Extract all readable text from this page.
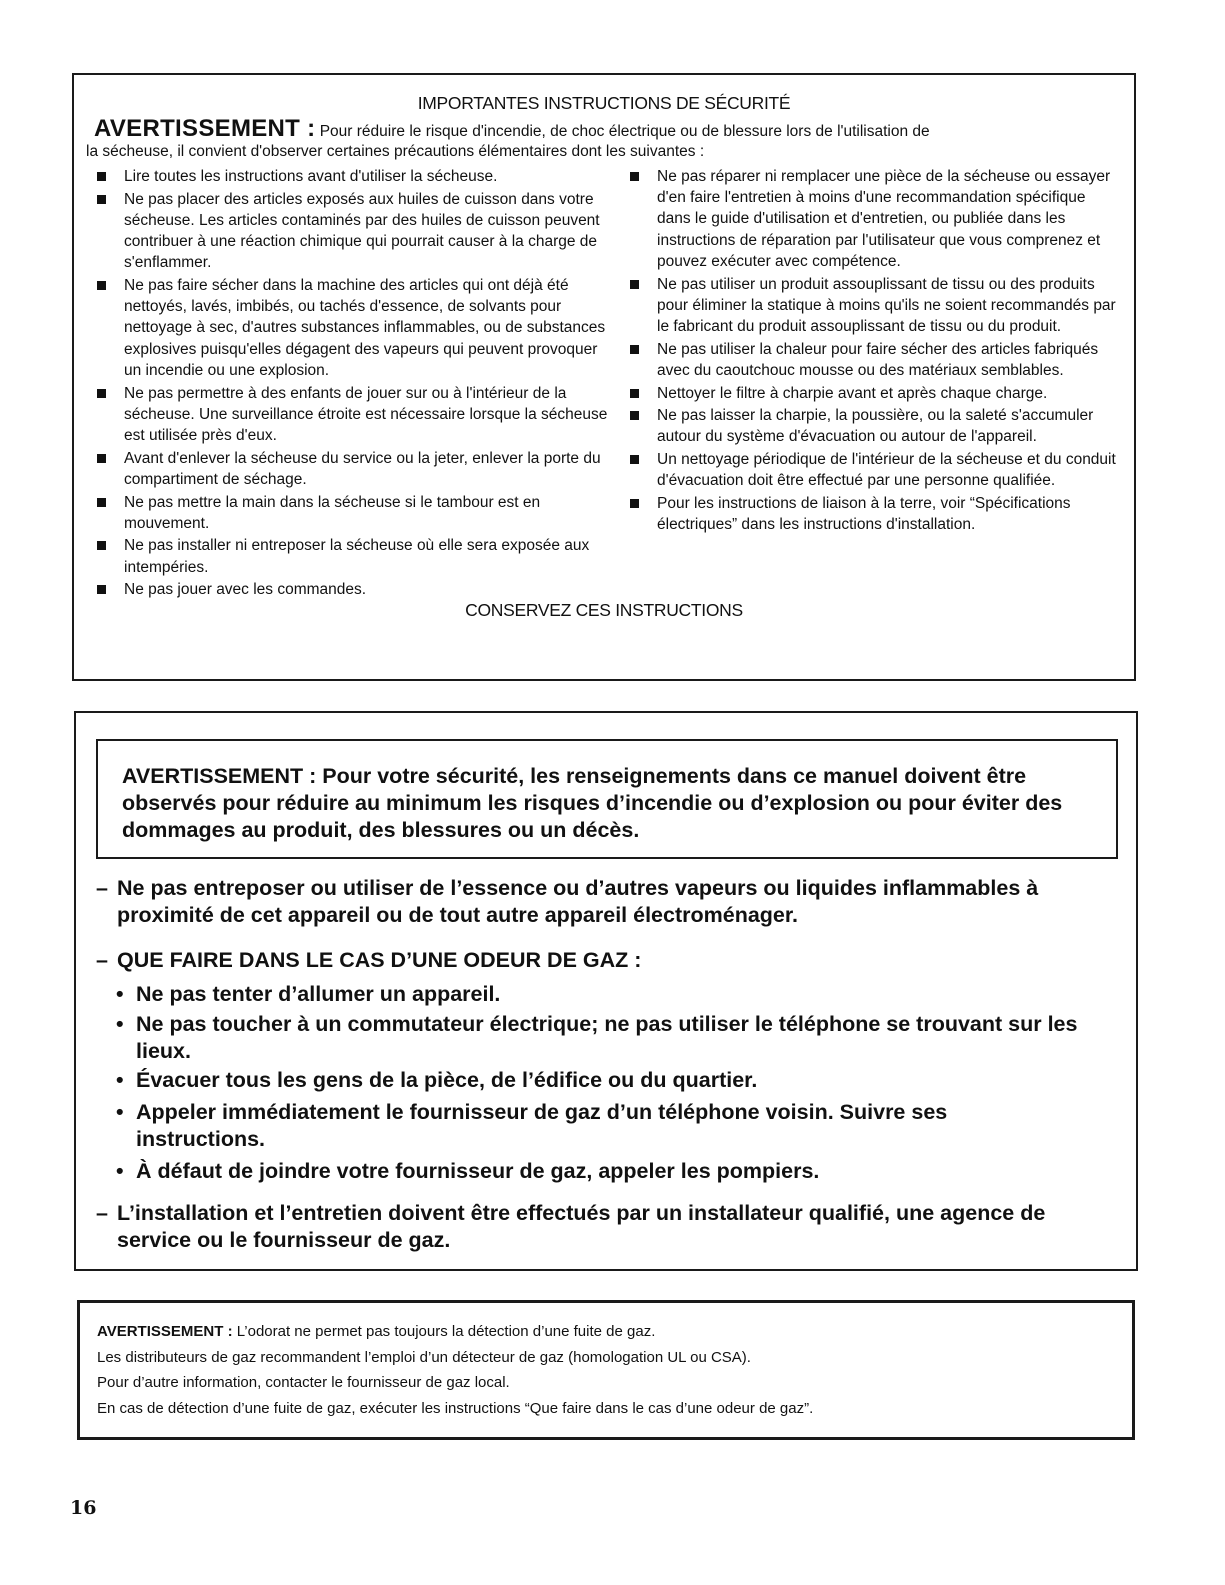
IMPORTANTES INSTRUCTIONS DE SÉCURITÉ
AVERTISSEMENT : Pour réduire le risque d'incendie, de choc électrique ou de blessure lors de l'utilisation de
la sécheuse, il convient d'observer certaines précautions élémentaires dont les suivantes :
Lire toutes les instructions avant d'utiliser la sécheuse.
Ne pas placer des articles exposés aux huiles de cuisson dans votre sécheuse. Les articles contaminés par des huiles de cuisson peuvent contribuer à une réaction chimique qui pourrait causer à la charge de s'enflammer.
Ne pas faire sécher dans la machine des articles qui ont déjà été nettoyés, lavés, imbibés, ou tachés d'essence, de solvants pour nettoyage à sec, d'autres substances inflammables, ou de substances explosives puisqu'elles dégagent des vapeurs qui peuvent provoquer un incendie ou une explosion.
Ne pas permettre à des enfants de jouer sur ou à l'intérieur de la sécheuse. Une surveillance étroite est nécessaire lorsque la sécheuse est utilisée près d'eux.
Avant d'enlever la sécheuse du service ou la jeter, enlever la porte du compartiment de séchage.
Ne pas mettre la main dans la sécheuse si le tambour est en mouvement.
Ne pas installer ni entreposer la sécheuse où elle sera exposée aux intempéries.
Ne pas jouer avec les commandes.
Ne pas réparer ni remplacer une pièce de la sécheuse ou essayer d'en faire l'entretien à moins d'une recommandation spécifique dans le guide d'utilisation et d'entretien, ou publiée dans les instructions de réparation par l'utilisateur que vous comprenez et pouvez exécuter avec compétence.
Ne pas utiliser un produit assouplissant de tissu ou des produits pour éliminer la statique à moins qu'ils ne soient recommandés par le fabricant du produit assouplissant de tissu ou du produit.
Ne pas utiliser la chaleur pour faire sécher des articles fabriqués avec du caoutchouc mousse ou des matériaux semblables.
Nettoyer le filtre à charpie avant et après chaque charge.
Ne pas laisser la charpie, la poussière, ou la saleté s'accumuler autour du système d'évacuation ou autour de l'appareil.
Un nettoyage périodique de l'intérieur de la sécheuse et du conduit d'évacuation doit être effectué par une personne qualifiée.
Pour les instructions de liaison à la terre, voir “Spécifications électriques” dans les instructions d'installation.
CONSERVEZ CES INSTRUCTIONS
AVERTISSEMENT : Pour votre sécurité, les renseignements dans ce manuel doivent être observés pour réduire au minimum les risques d’incendie ou d’explosion ou pour éviter des dommages au produit, des blessures ou un décès.
– Ne pas entreposer ou utiliser de l’essence ou d’autres vapeurs ou liquides inflammables à proximité de cet appareil ou de tout autre appareil électroménager.
– QUE FAIRE DANS LE CAS D’UNE ODEUR DE GAZ :
• Ne pas tenter d’allumer un appareil.
• Ne pas toucher à un commutateur électrique; ne pas utiliser le téléphone se trouvant sur les lieux.
• Évacuer tous les gens de la pièce, de l’édifice ou du quartier.
• Appeler immédiatement le fournisseur de gaz d’un téléphone voisin. Suivre ses instructions.
• À défaut de joindre votre fournisseur de gaz, appeler les pompiers.
– L’installation et l’entretien doivent être effectués par un installateur qualifié, une agence de service ou le fournisseur de gaz.

AVERTISSEMENT : L’odorat ne permet pas toujours la détection d’une fuite de gaz.

Les distributeurs de gaz recommandent l’emploi d’un détecteur de gaz (homologation UL ou CSA).

Pour d’autre information, contacter le fournisseur de gaz local.

En cas de détection d’une fuite de gaz, exécuter les instructions “Que faire dans le cas d’une odeur de gaz”.

16
